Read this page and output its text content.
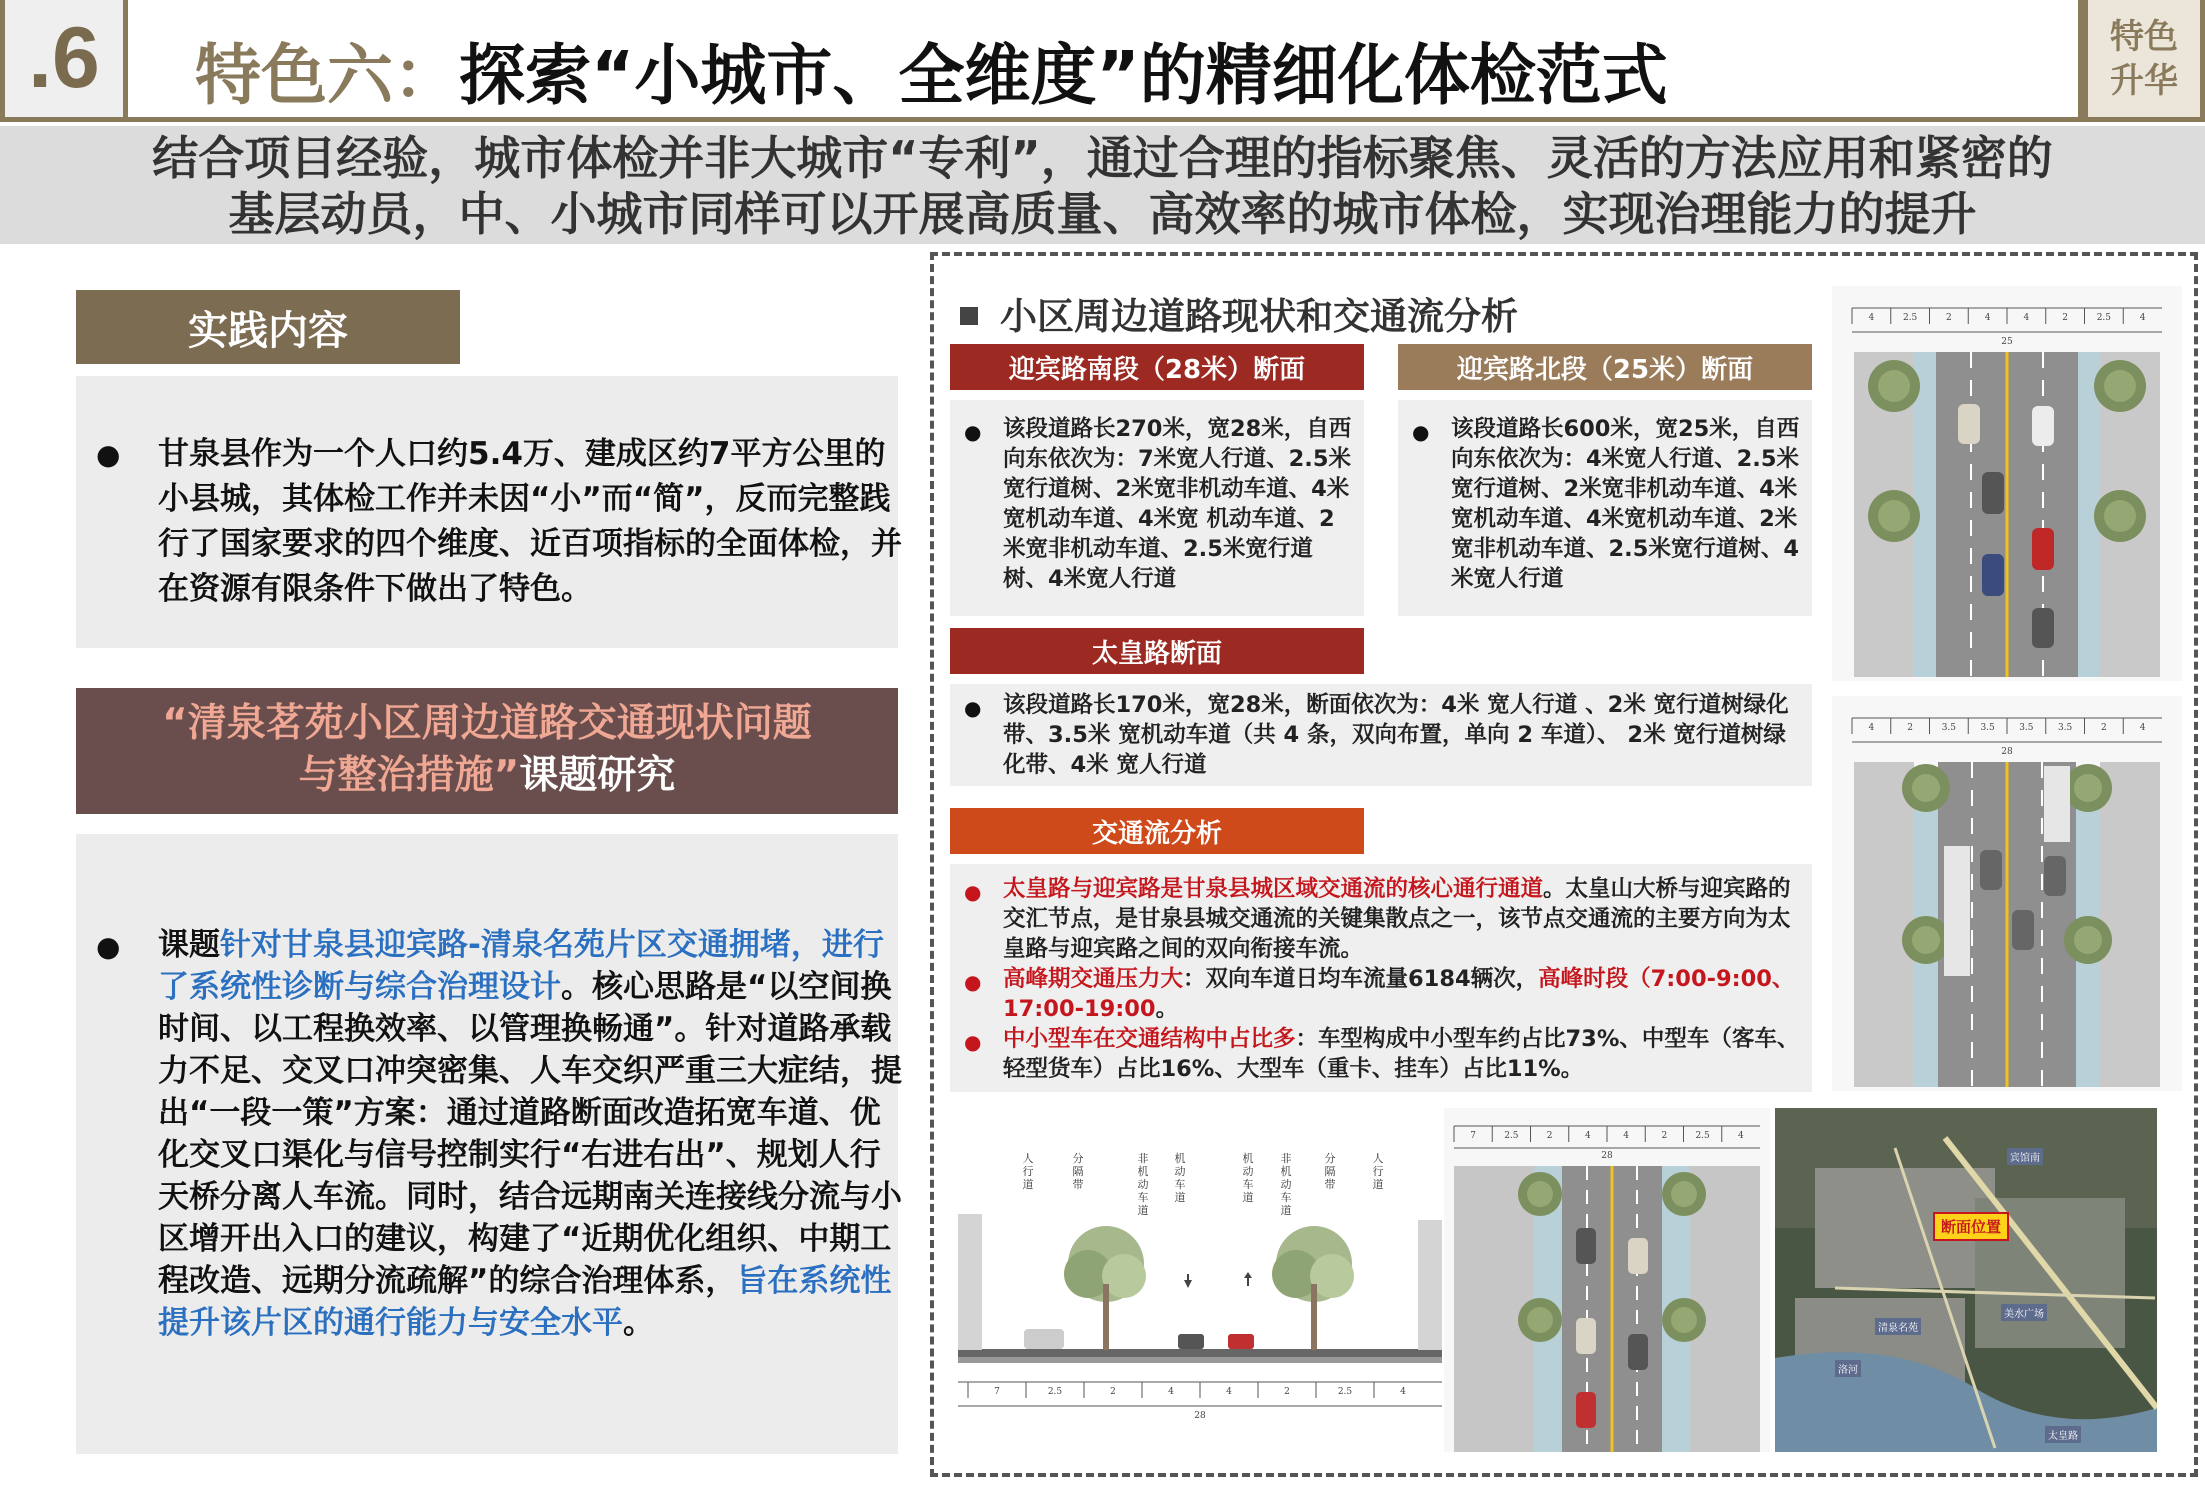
.6 特色六：探索“小城市、全维度”的精细化体检范式
特色
升华
结合项目经验，城市体检并非大城市“专利”，通过合理的指标聚焦、灵活的方法应用和紧密的
基层动员，中、小城市同样可以开展高质量、高效率的城市体检，实现治理能力的提升
实践内容
● 甘泉县作为一个人口约5.4万、建成区约7平方公里的小县城，其体检工作并未因“小”而“简”，反而完整践行了国家要求的四个维度、近百项指标的全面体检，并在资源有限条件下做出了特色。
“清泉茗苑小区周边道路交通现状问题
与整治措施”课题研究
● 课题针对甘泉县迎宾路-清泉名苑片区交通拥堵，进行了系统性诊断与综合治理设计。核心思路是“以空间换时间、以工程换效率、以管理换畅通”。针对道路承载力不足、交叉口冲突密集、人车交织严重三大症结，提出“一段一策”方案：通过道路断面改造拓宽车道、优化交叉口渠化与信号控制实行“右进右出”、规划人行天桥分离人车流。同时，结合远期南关连接线分流与小区增开出入口的建议，构建了“近期优化组织、中期工程改造、远期分流疏解”的综合治理体系，旨在系统性提升该片区的通行能力与安全水平。
小区周边道路现状和交通流分析
迎宾路南段（28米）断面
● 该段道路长270米，宽28米，自西向东依次为：7米宽人行道、2.5米宽行道树、2米宽非机动车道、4米宽机动车道、4米宽 机动车道、2米宽非机动车道、2.5米宽行道树、4米宽人行道
迎宾路北段（25米）断面
● 该段道路长600米，宽25米，自西向东依次为：4米宽人行道、2.5米宽行道树、2米宽非机动车道、4米宽机动车道、4米宽机动车道、2米宽非机动车道、2.5米宽行道树、4米宽人行道
太皇路断面
● 该段道路长170米，宽28米，断面依次为：4米 宽人行道 、2米 宽行道树绿化带、3.5米 宽机动车道（共 4 条，双向布置，单向 2 车道）、 2米 宽行道树绿化带、4米 宽人行道
交通流分析
● 太皇路与迎宾路是甘泉县城区域交通流的核心通行通道。太皇山大桥与迎宾路的交汇节点，是甘泉县城交通流的关键集散点之一，该节点交通流的主要方向为太皇路与迎宾路之间的双向衔接车流。
● 高峰期交通压力大：双向车道日均车流量6184辆次，高峰时段（7:00-9:00、17:00-19:00。
● 中小型车在交通结构中占比多：车型构成中小型车约占比73%、中型车（客车、轻型货车）占比16%、大型车（重卡、挂车）占比11%。
25
4	2.5	2	4	4	2	2.5	4
28
4	2	3.5	3.5	3.5	3.5	2	4
人
行
道
分
隔
带
非
机
动
车
道
机
动
车
道
机
动
车
道
非
机
动
车
道
分
隔
带
人
行
道
7	2.5	2	4	4	2	2.5	4
28
28
7	2.5	2	4	4	2	2.5	4
断面位置
宾馆南
清泉名苑
美水广场
洛河
太皇路
